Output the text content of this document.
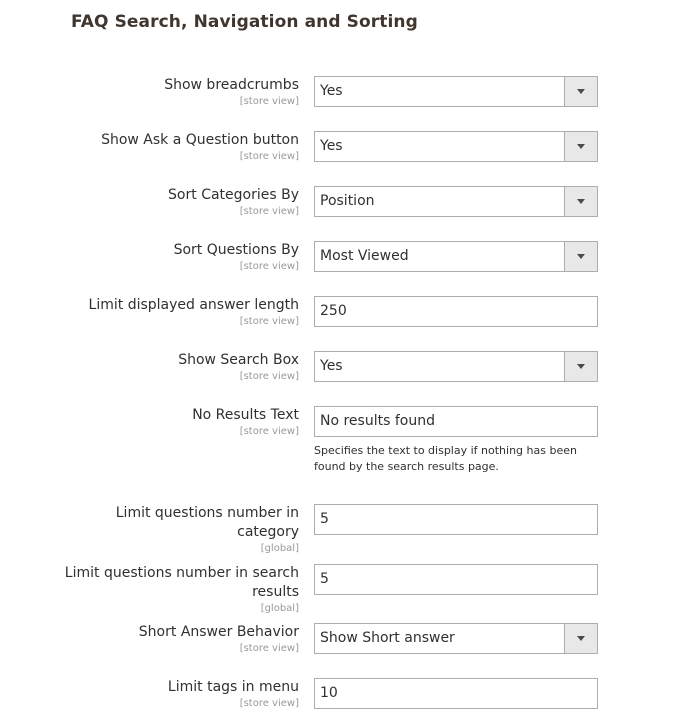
FAQ Search, Navigation and Sorting
Show breadcrumbs
[store view]
Yes
Show Ask a Question button
[store view]
Yes
Sort Categories By
[store view]
Position
Sort Questions By
[store view]
Most Viewed
Limit displayed answer length
[store view]
250
Show Search Box
[store view]
Yes
No Results Text
[store view]
No results found
Specifies the text to display if nothing has been found by the search results page.
Limit questions number in category
[global]
5
Limit questions number in search results
[global]
5
Short Answer Behavior
[store view]
Show Short answer
Limit tags in menu
[store view]
10
